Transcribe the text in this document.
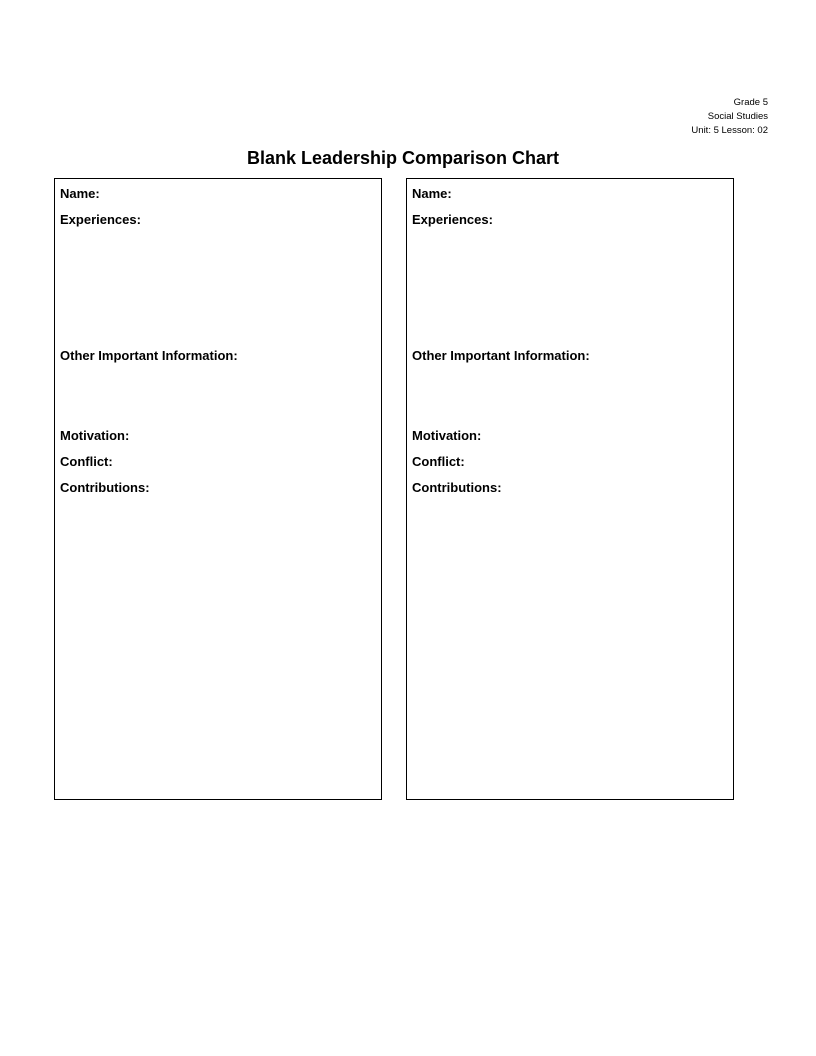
Grade 5
Social Studies
Unit: 5 Lesson: 02
Blank Leadership Comparison Chart
Name:
Experiences:
Other Important Information:
Motivation:
Conflict:
Contributions:
Name:
Experiences:
Other Important Information:
Motivation:
Conflict:
Contributions:
